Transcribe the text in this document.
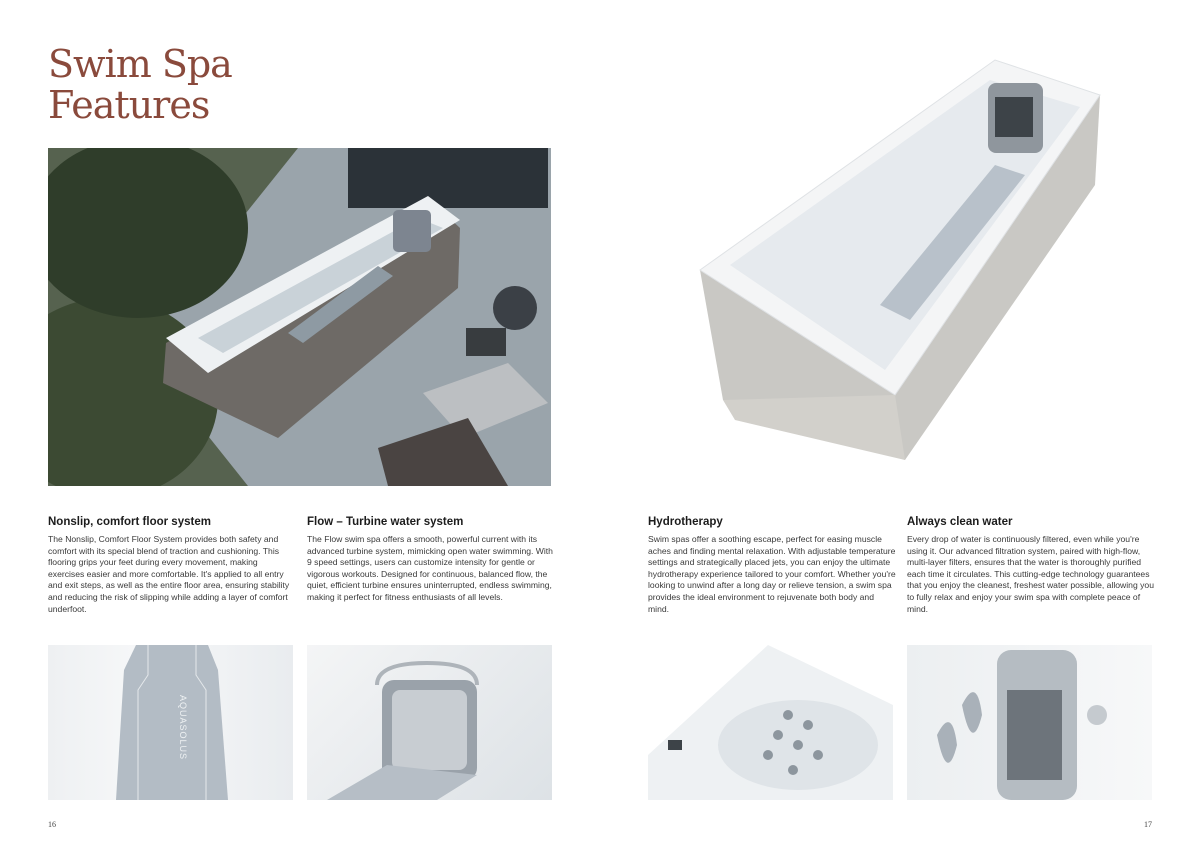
Swim Spa
Features
Nonslip, comfort floor system

The Nonslip, Comfort Floor System provides both safety and comfort with its special blend of traction and cushioning. This flooring grips your feet during every movement, making exercises easier and more comfortable. It's applied to all entry and exit steps, as well as the entire floor area, ensuring stability and reducing the risk of slipping while adding a layer of comfort underfoot.

Flow – Turbine water system

The Flow swim spa offers a smooth, powerful current with its advanced turbine system, mimicking open water swimming. With 9 speed settings, users can customize intensity for gentle or vigorous workouts. Designed for continuous, balanced flow, the quiet, efficient turbine ensures uninterrupted, endless swimming, making it perfect for fitness enthusiasts of all levels.

Hydrotherapy

Swim spas offer a soothing escape, perfect for easing muscle aches and finding mental relaxation. With adjustable temperature settings and strategically placed jets, you can enjoy the ultimate hydrotherapy experience tailored to your comfort. Whether you're looking to unwind after a long day or relieve tension, a swim spa provides the ideal environment to rejuvenate both body and mind.

Always clean water

Every drop of water is continuously filtered, even while you're using it. Our advanced filtration system, paired with high-flow, multi-layer filters, ensures that the water is thoroughly purified each time it circulates. This cutting-edge technology guarantees that you enjoy the cleanest, freshest water possible, allowing you to fully relax and enjoy your swim spa with complete peace of mind.

AQUASOLUS
16	17
